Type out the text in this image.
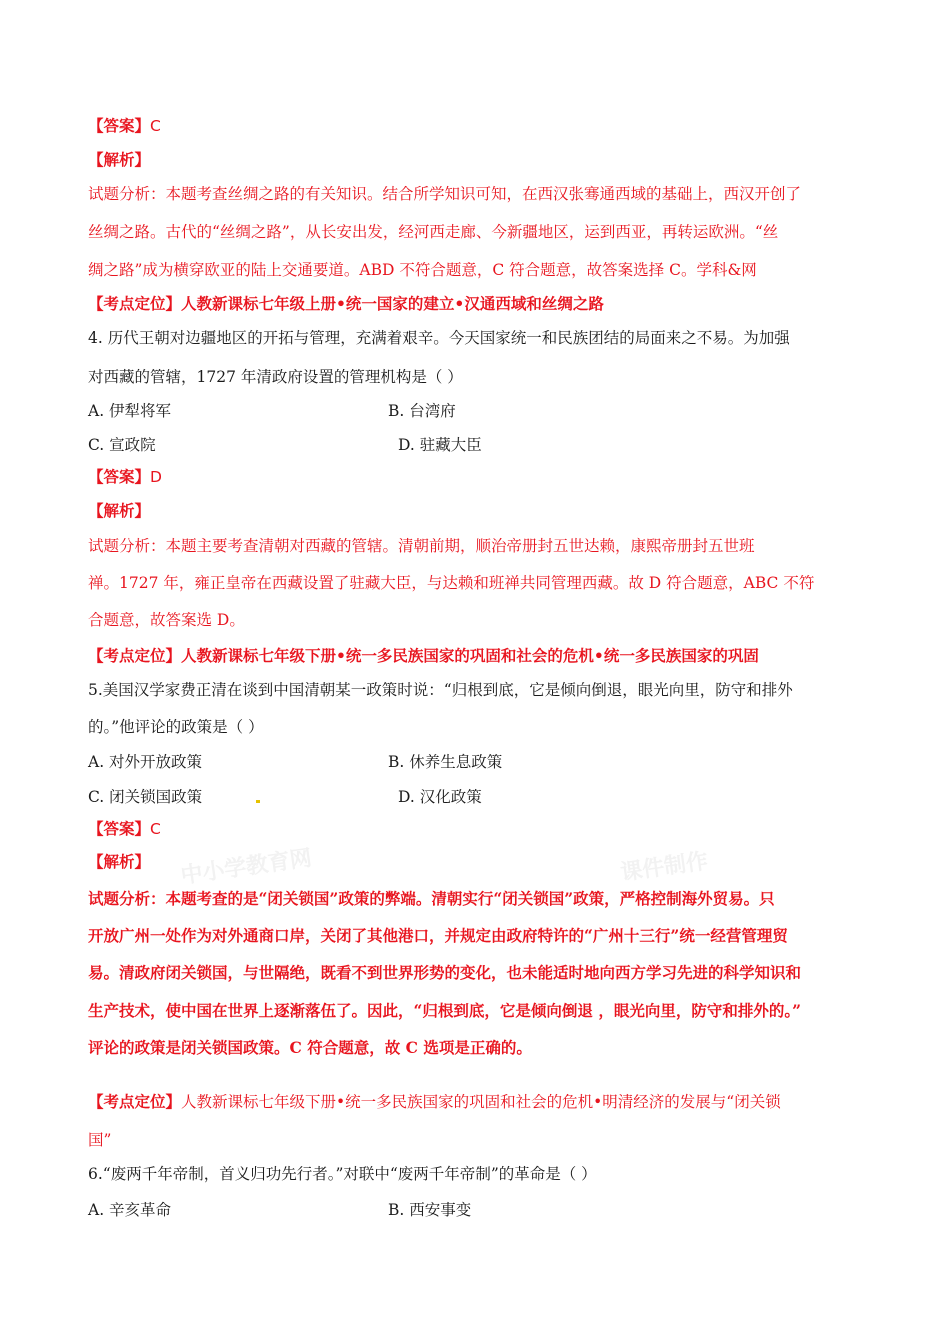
中小学教育网	课件制作
【答案】C
【解析】
试题分析：本题考查丝绸之路的有关知识。结合所学知识可知，在西汉张骞通西域的基础上，西汉开创了
丝绸之路。古代的“丝绸之路”，从长安出发，经河西走廊、今新疆地区，运到西亚，再转运欧洲。“丝
绸之路”成为横穿欧亚的陆上交通要道。ABD 不符合题意，C 符合题意，故答案选择 C。学科&网
【考点定位】人教新课标七年级上册•统一国家的建立•汉通西域和丝绸之路
4. 历代王朝对边疆地区的开拓与管理，充满着艰辛。今天国家统一和民族团结的局面来之不易。为加强
对西藏的管辖，1727 年清政府设置的管理机构是（ ）
A. 伊犁将军	B. 台湾府
C. 宣政院	D. 驻藏大臣
【答案】D
【解析】
试题分析：本题主要考查清朝对西藏的管辖。清朝前期，顺治帝册封五世达赖，康熙帝册封五世班
禅。1727 年，雍正皇帝在西藏设置了驻藏大臣，与达赖和班禅共同管理西藏。故 D 符合题意，ABC 不符
合题意，故答案选 D。
【考点定位】人教新课标七年级下册•统一多民族国家的巩固和社会的危机•统一多民族国家的巩固
5.美国汉学家费正清在谈到中国清朝某一政策时说：“归根到底，它是倾向倒退，眼光向里，防守和排外
的。”他评论的政策是（ ）
A. 对外开放政策	B. 休养生息政策
C. 闭关锁国政策	D. 汉化政策
【答案】C
【解析】
试题分析：本题考查的是“闭关锁国”政策的弊端。清朝实行“闭关锁国”政策，严格控制海外贸易。只
开放广州一处作为对外通商口岸，关闭了其他港口，并规定由政府特许的“广州十三行”统一经营管理贸
易。清政府闭关锁国，与世隔绝，既看不到世界形势的变化，也未能适时地向西方学习先进的科学知识和
生产技术，使中国在世界上逐渐落伍了。因此，“归根到底，它是倾向倒退 ，眼光向里，防守和排外的。”
评论的政策是闭关锁国政策。C 符合题意，故 C 选项是正确的。
【考点定位】人教新课标七年级下册•统一多民族国家的巩固和社会的危机•明清经济的发展与“闭关锁
国”
6.“废两千年帝制，首义归功先行者。”对联中“废两千年帝制”的革命是（ ）
A. 辛亥革命	B. 西安事变
